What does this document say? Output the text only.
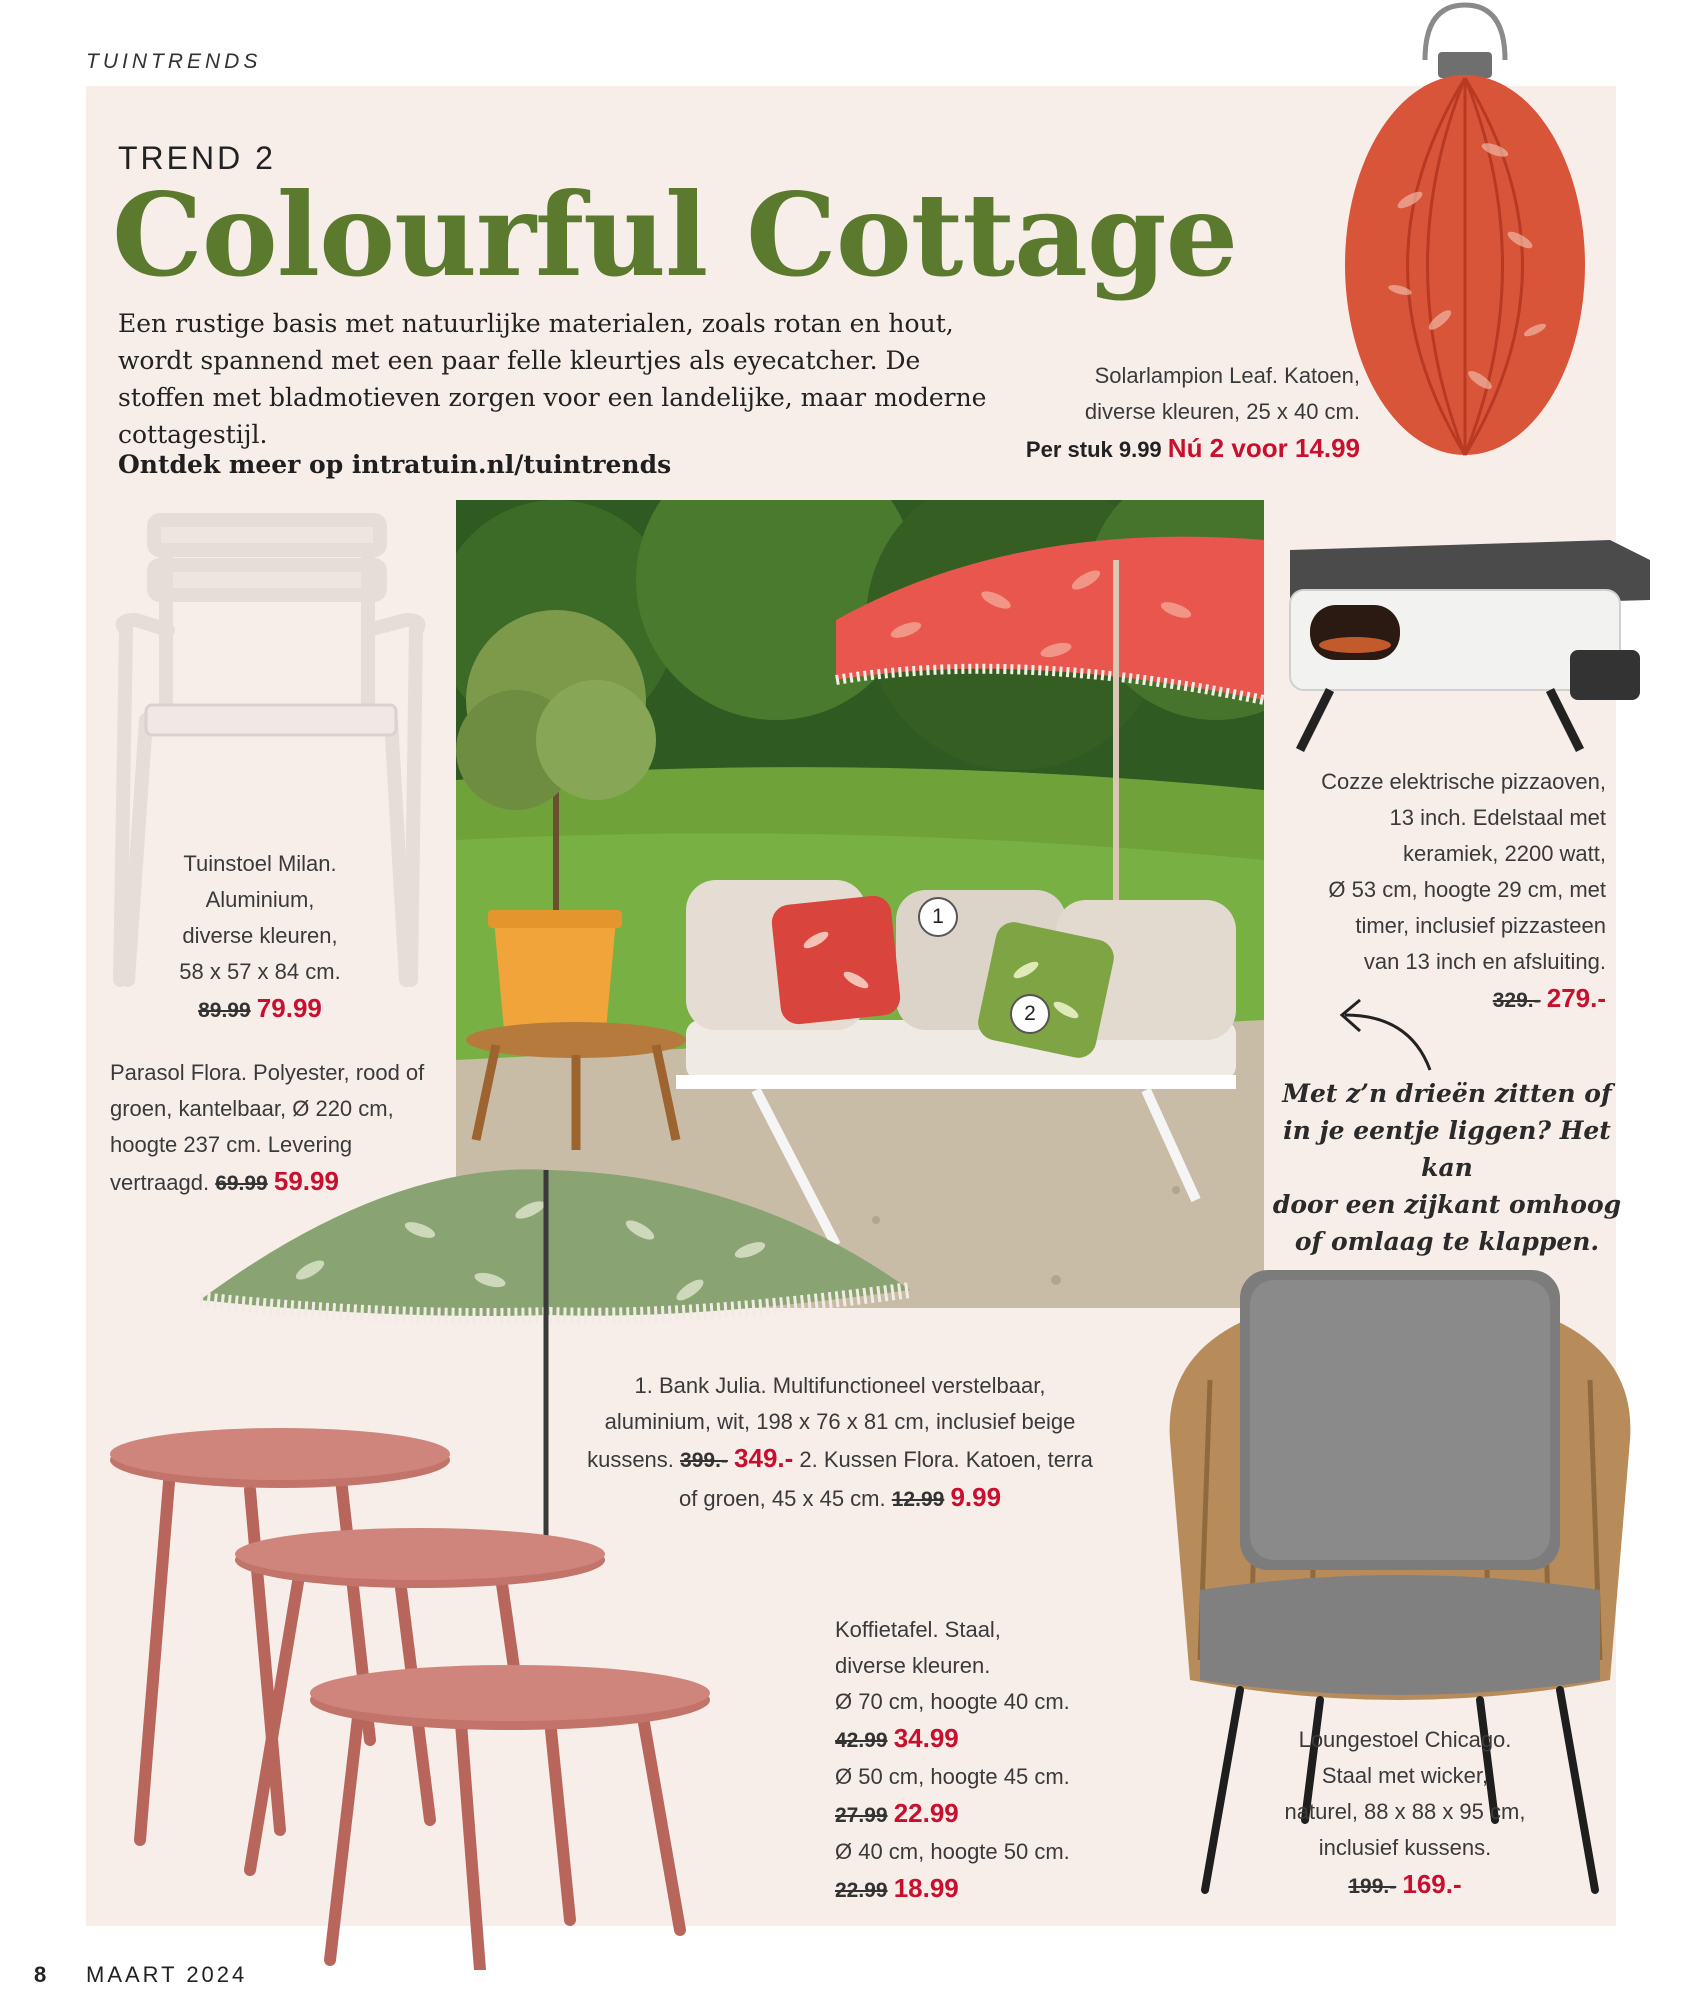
TUINTRENDS
TREND 2
Colourful Cottage
Een rustige basis met natuurlijke materialen, zoals rotan en hout, wordt spannend met een paar felle kleurtjes als eyecatcher. De stoffen met bladmotieven zorgen voor een landelijke, maar moderne cottagestijl.
Ontdek meer op intratuin.nl/tuintrends
Solarlampion Leaf. Katoen,
diverse kleuren, 25 x 40 cm.
Per stuk 9.99 Nú 2 voor 14.99
Tuinstoel Milan.
Aluminium,
diverse kleuren,
58 x 57 x 84 cm.
89.99 79.99
Parasol Flora. Polyester, rood of
groen, kantelbaar, Ø 220 cm,
hoogte 237 cm. Levering
vertraagd. 69.99 59.99
1
2
Cozze elektrische pizzaoven,
13 inch. Edelstaal met
keramiek, 2200 watt,
Ø 53 cm, hoogte 29 cm, met
timer, inclusief pizzasteen
van 13 inch en afsluiting.
329.- 279.-
Met z’n drieën zitten of
in je eentje liggen? Het kan
door een zijkant omhoog
of omlaag te klappen.
1. Bank Julia. Multifunctioneel verstelbaar,
aluminium, wit, 198 x 76 x 81 cm, inclusief beige
kussens. 399.- 349.- 2. Kussen Flora. Katoen, terra
of groen, 45 x 45 cm. 12.99 9.99
Koffietafel. Staal,
diverse kleuren.
Ø 70 cm, hoogte 40 cm.
42.99 34.99
Ø 50 cm, hoogte 45 cm.
27.99 22.99
Ø 40 cm, hoogte 50 cm.
22.99 18.99
Loungestoel Chicago.
Staal met wicker,
naturel, 88 x 88 x 95 cm,
inclusief kussens.
199.- 169.-
8 MAART 2024
